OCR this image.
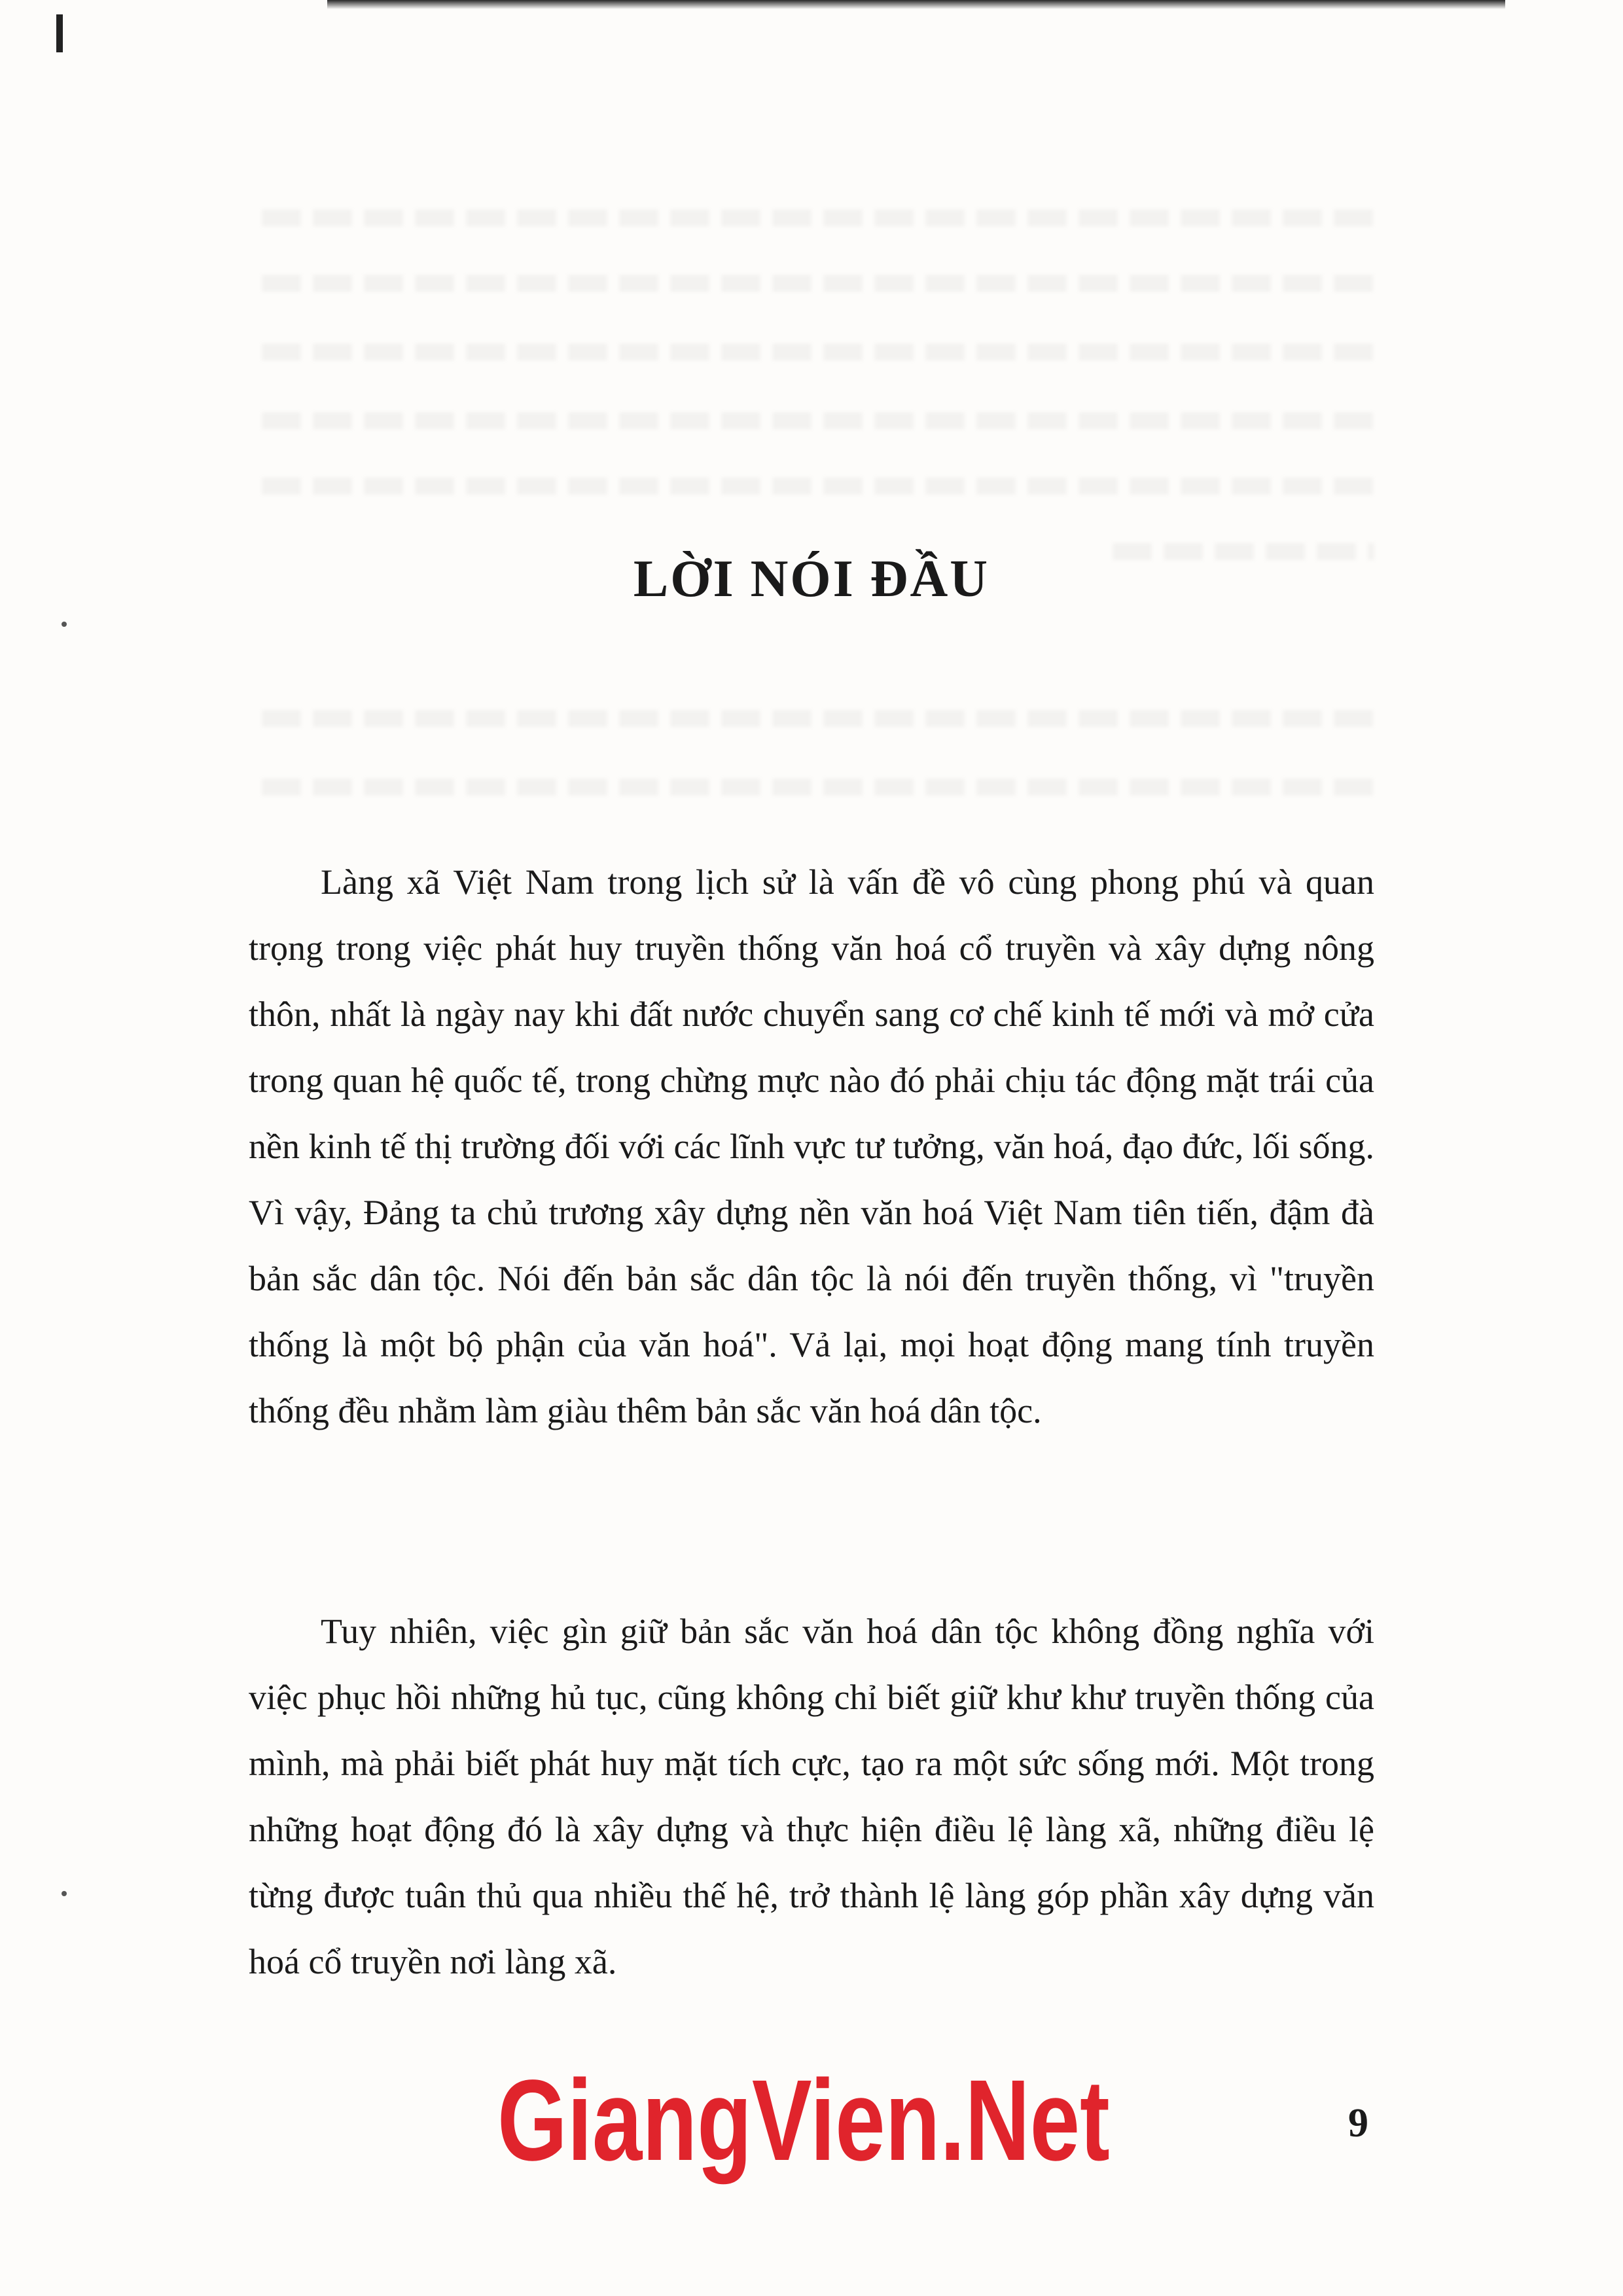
LỜI NÓI ĐẦU

Làng xã Việt Nam trong lịch sử là vấn đề vô cùng phong phú và quan trọng trong việc phát huy truyền thống văn hoá cổ truyền và xây dựng nông thôn, nhất là ngày nay khi đất nước chuyển sang cơ chế kinh tế mới và mở cửa trong quan hệ quốc tế, trong chừng mực nào đó phải chịu tác động mặt trái của nền kinh tế thị trường đối với các lĩnh vực tư tưởng, văn hoá, đạo đức, lối sống. Vì vậy, Đảng ta chủ trương xây dựng nền văn hoá Việt Nam tiên tiến, đậm đà bản sắc dân tộc. Nói đến bản sắc dân tộc là nói đến truyền thống, vì "truyền thống là một bộ phận của văn hoá". Vả lại, mọi hoạt động mang tính truyền thống đều nhằm làm giàu thêm bản sắc văn hoá dân tộc.

Tuy nhiên, việc gìn giữ bản sắc văn hoá dân tộc không đồng nghĩa với việc phục hồi những hủ tục, cũng không chỉ biết giữ khư khư truyền thống của mình, mà phải biết phát huy mặt tích cực, tạo ra một sức sống mới. Một trong những hoạt động đó là xây dựng và thực hiện điều lệ làng xã, những điều lệ từng được tuân thủ qua nhiều thế hệ, trở thành lệ làng góp phần xây dựng văn hoá cổ truyền nơi làng xã.

GiangVien.Net	9
